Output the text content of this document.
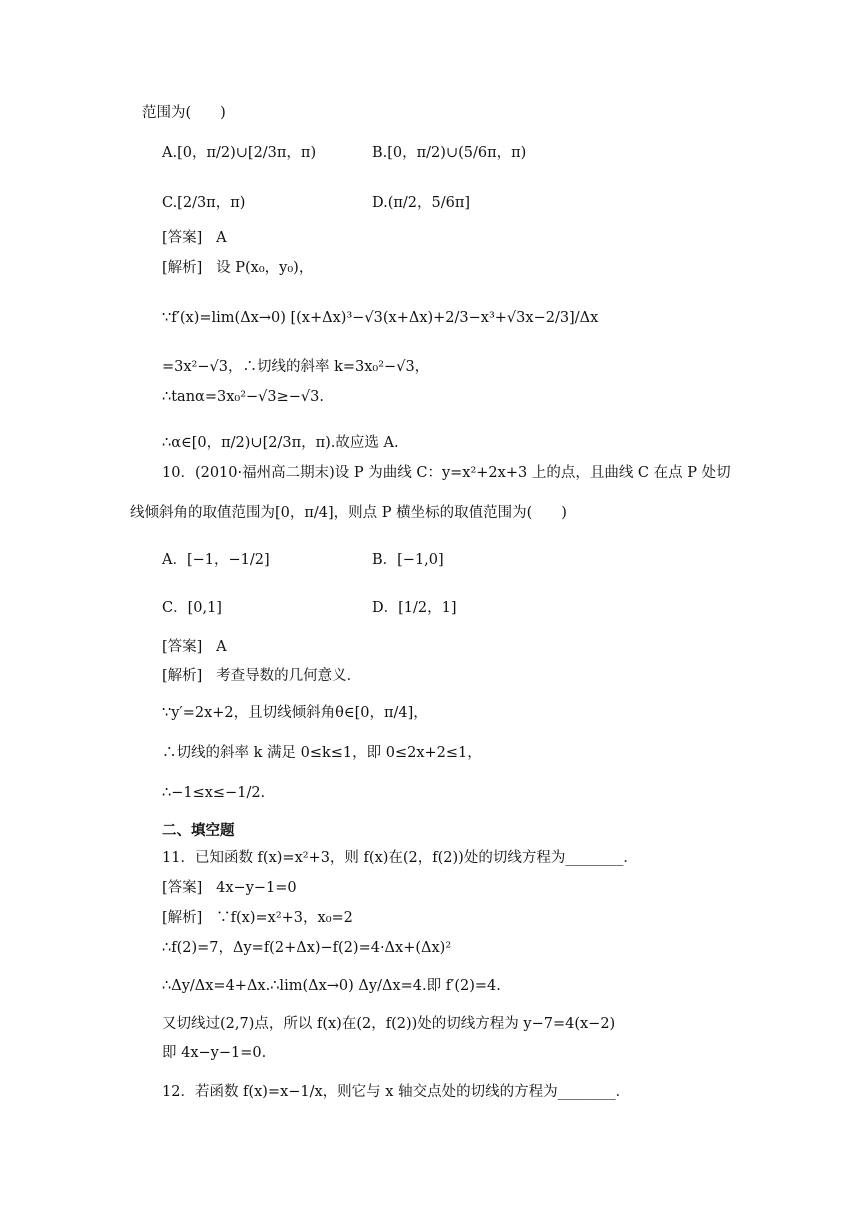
范围为(　　)
A.[0，π/2)∪[2/3π，π)	B.[0，π/2)∪(5/6π，π)
C.[2/3π，π)	D.(π/2，5/6π]
[答案] A
[解析] 设 P(x₀，y₀)，
∵f′(x)=lim(Δx→0) [(x+Δx)³−√3(x+Δx)+2/3−x³+√3x−2/3]/Δx
=3x²−√3，∴切线的斜率 k=3x₀²−√3，
∴tanα=3x₀²−√3≥−√3.
∴α∈[0，π/2)∪[2/3π，π).故应选 A.
10．(2010·福州高二期末)设 P 为曲线 C：y=x²+2x+3 上的点，且曲线 C 在点 P 处切
线倾斜角的取值范围为[0，π/4]，则点 P 横坐标的取值范围为(　　)
A．[−1，−1/2]	B．[−1,0]
C．[0,1]	D．[1/2，1]
[答案] A
[解析] 考查导数的几何意义．
∵y′=2x+2，且切线倾斜角θ∈[0，π/4]，
∴切线的斜率 k 满足 0≤k≤1，即 0≤2x+2≤1，
∴−1≤x≤−1/2.
二、填空题
11．已知函数 f(x)=x²+3，则 f(x)在(2，f(2))处的切线方程为________．
[答案] 4x−y−1=0
[解析] ∵f(x)=x²+3，x₀=2
∴f(2)=7，Δy=f(2+Δx)−f(2)=4·Δx+(Δx)²
∴Δy/Δx=4+Δx.∴lim(Δx→0) Δy/Δx=4.即 f′(2)=4.
又切线过(2,7)点，所以 f(x)在(2，f(2))处的切线方程为 y−7=4(x−2)
即 4x−y−1=0.
12．若函数 f(x)=x−1/x，则它与 x 轴交点处的切线的方程为________．
